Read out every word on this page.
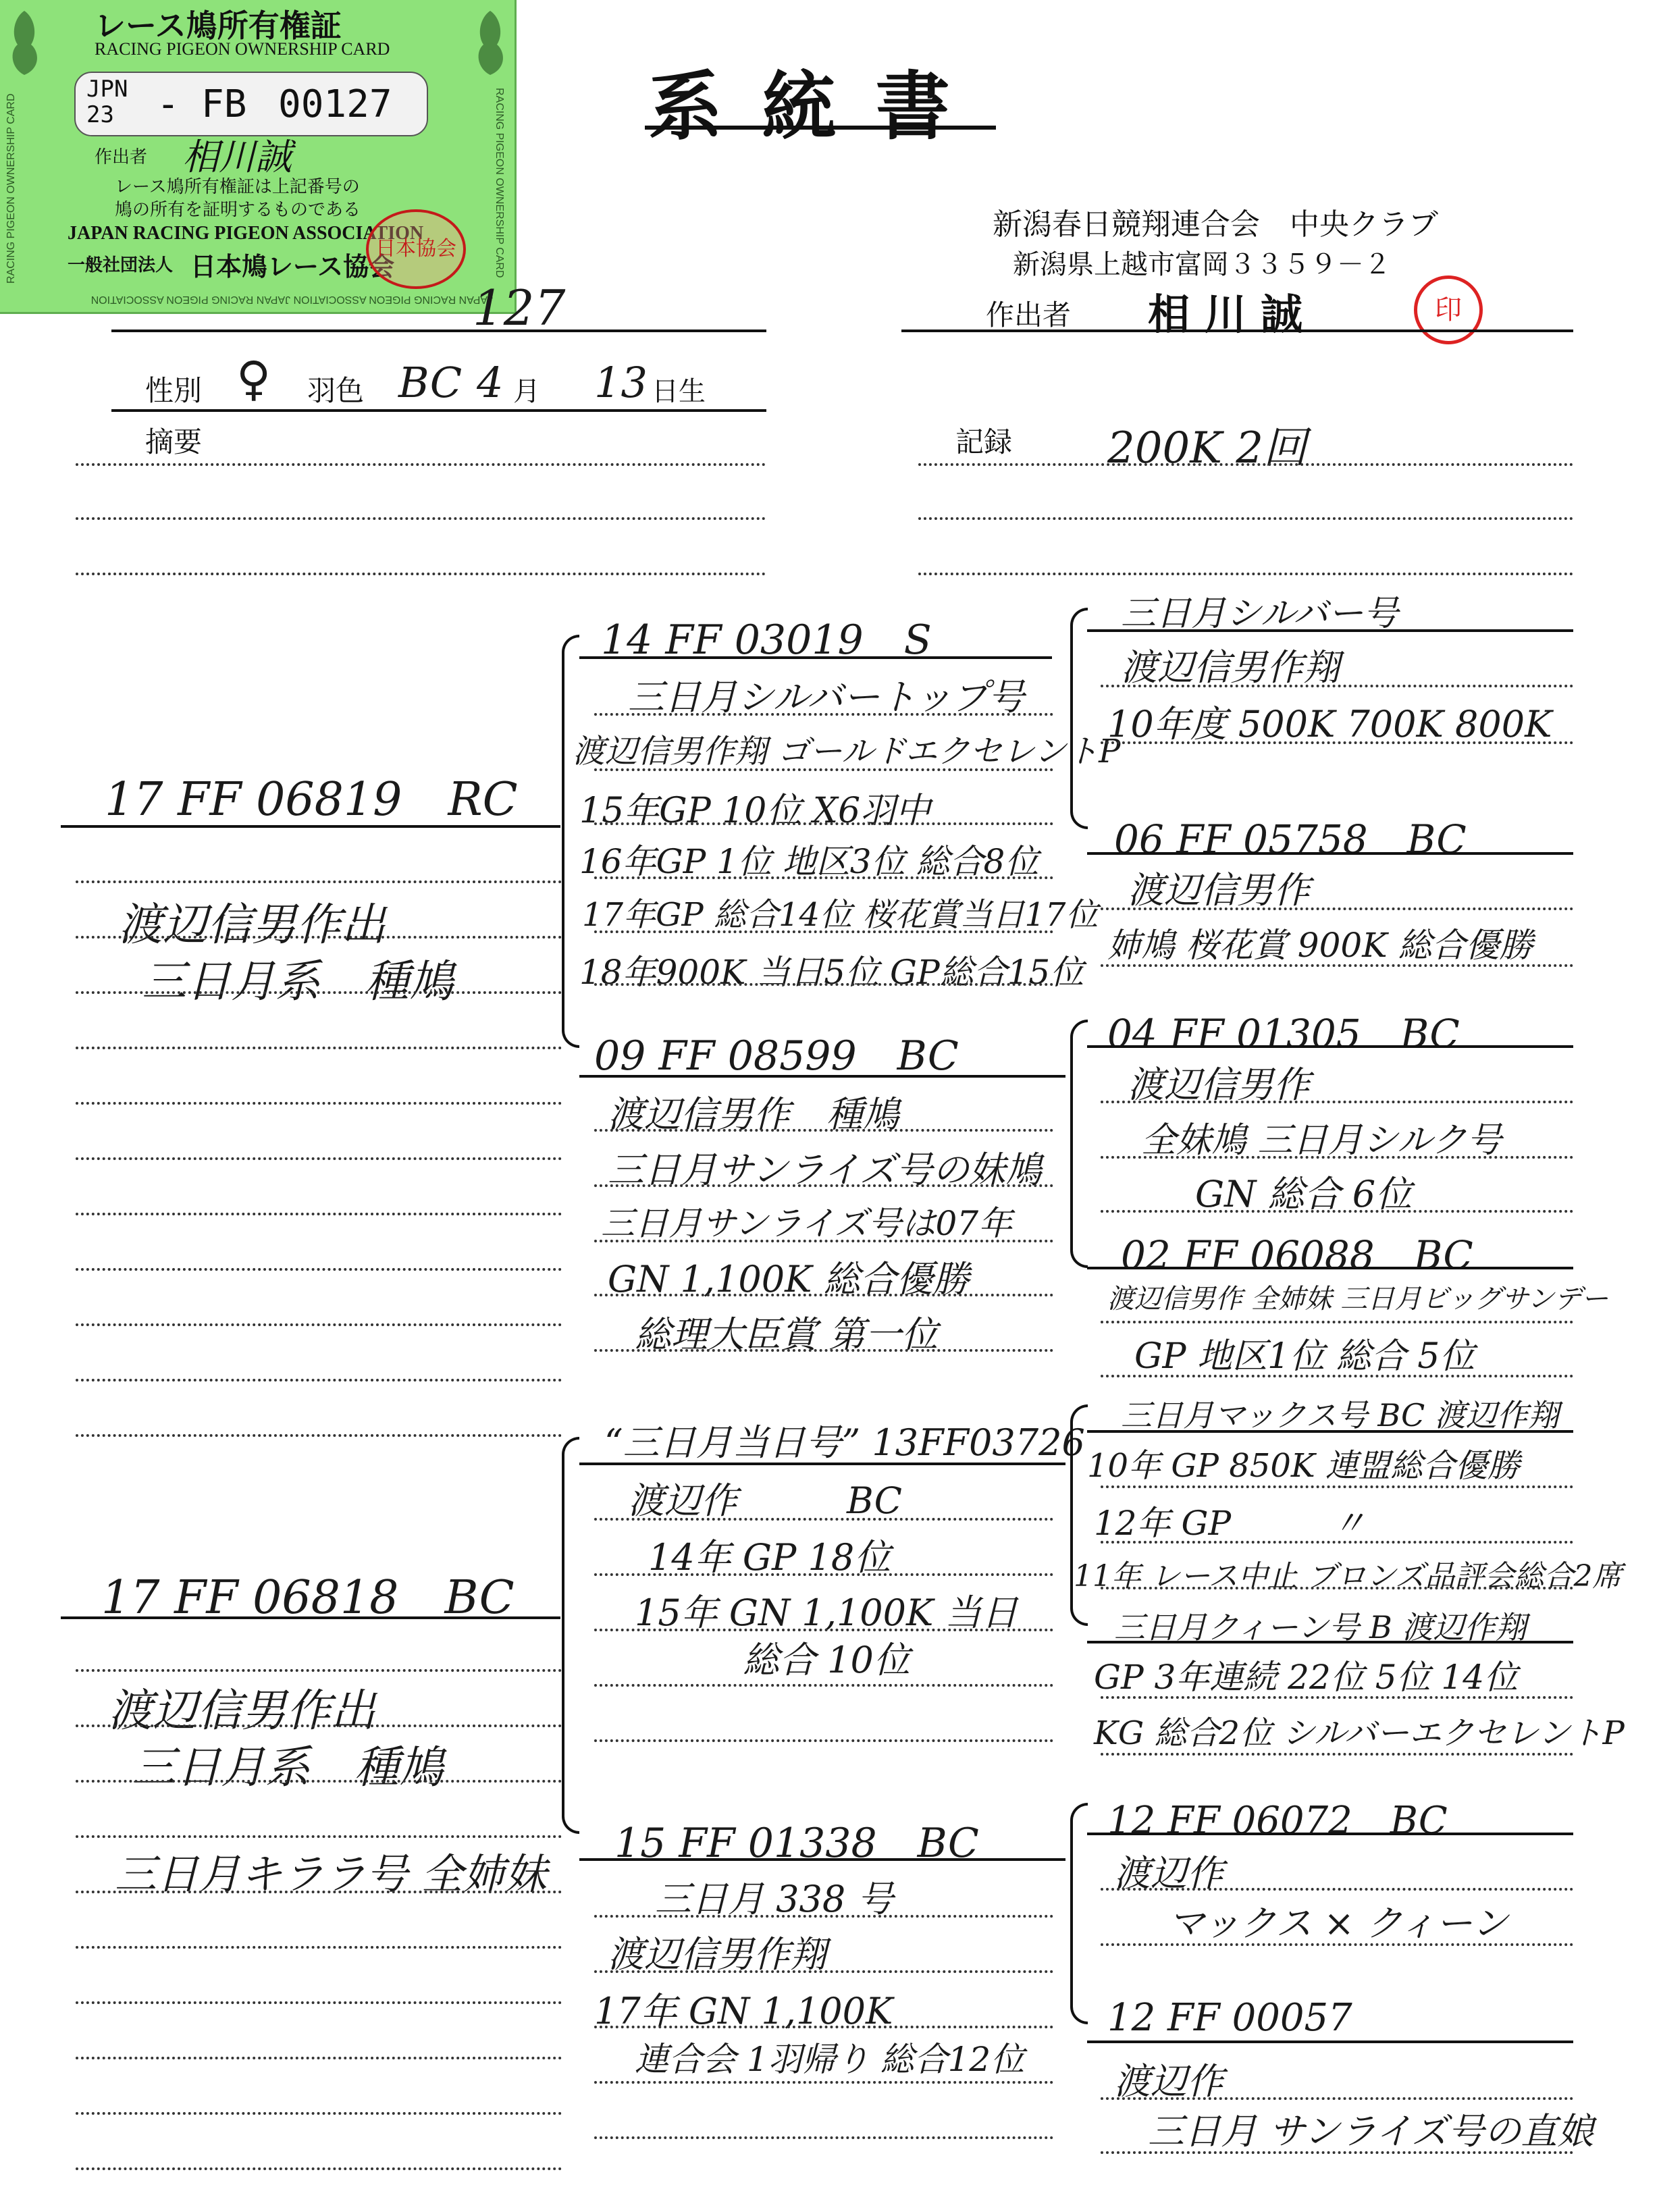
レース鳩所有権証
RACING PIGEON OWNERSHIP CARD
JPN
23 - FB 00127
作出者 相川誠
レース鳩所有権証は上記番号の
鳩の所有を証明するものである
JAPAN RACING PIGEON ASSOCIATION
一般社団法人 日本鳩レース協会
RACING PIGEON OWNERSHIP CARD	RACING PIGEON OWNERSHIP CARD
JAPAN RACING PIGEON ASSOCIATION JAPAN RACING PIGEON ASSOCIATION
日本協会
系 統 書
新潟春日競翔連合会　中央クラブ
新潟県上越市富岡３３５９－２
作出者 相 川 誠	印
127
性別 ♀ 羽色 BC 4 月 13 日生
摘要	記録 200K 2回
17 FF 06819　RC
渡辺信男作出
三日月系　種鳩
17 FF 06818　BC
渡辺信男作出
三日月系　種鳩
三日月キララ号 全姉妹
14 FF 03019　S
三日月シルバートップ号
渡辺信男作翔 ゴールドエクセレントP
15年GP 10位 X6羽中
16年GP 1位 地区3位 総合8位
17年GP 総合14位 桜花賞当日17位
18年900K 当日5位 GP総合15位
09 FF 08599　BC
渡辺信男作　種鳩
三日月サンライズ号の妹鳩
三日月サンライズ号は07年
GN 1,100K 総合優勝
総理大臣賞 第一位
“三日月当日号” 13FF03726
渡辺作　　　BC
14年 GP 18位
15年 GN 1,100K 当日
総合 10位
15 FF 01338　BC
三日月 338 号
渡辺信男作翔
17年 GN 1,100K
連合会 1羽帰り 総合12位
三日月シルバー号
渡辺信男作翔
10年度 500K 700K 800K
06 FF 05758　BC
渡辺信男作
姉鳩 桜花賞 900K 総合優勝
04 FF 01305　BC
渡辺信男作
全妹鳩 三日月シルク号
GN 総合 6位
02 FF 06088　BC
渡辺信男作 全姉妹 三日月ビッグサンデー
GP 地区1位 総合 5位
三日月マックス号 BC 渡辺作翔
10年 GP 850K 連盟総合優勝
12年 GP　　　〃
11年 レース中止 ブロンズ品評会総合2席
三日月クィーン号 B 渡辺作翔
GP 3年連続 22位 5位 14位
KG 総合2位 シルバーエクセレントP
12 FF 06072　BC
渡辺作
マックス × クィーン
12 FF 00057
渡辺作
三日月 サンライズ号の直娘
